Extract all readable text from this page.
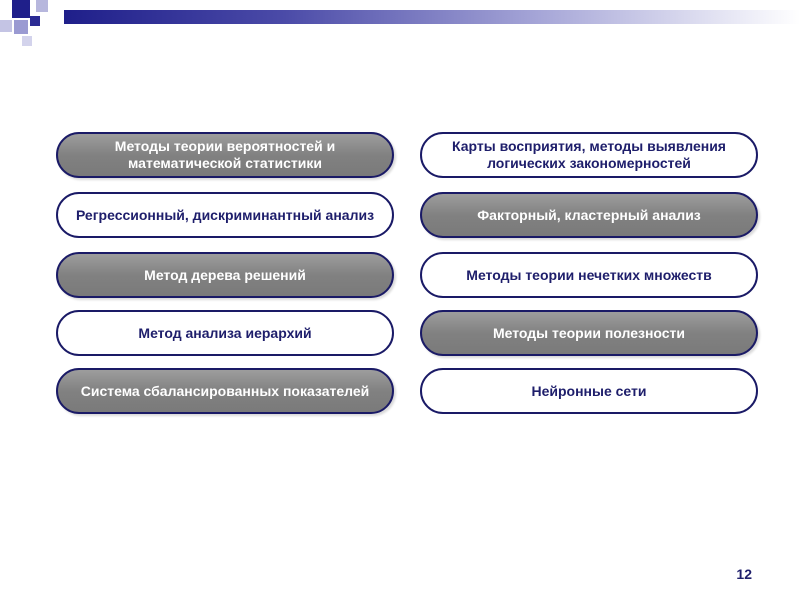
Методы теории вероятностей и математической статистики
Карты восприятия, методы выявления логических закономерностей
Регрессионный, дискриминантный анализ	Факторный, кластерный анализ
Метод дерева решений	Методы теории нечетких множеств
Метод анализа иерархий	Методы теории полезности
Система сбалансированных показателей	Нейронные сети
12
